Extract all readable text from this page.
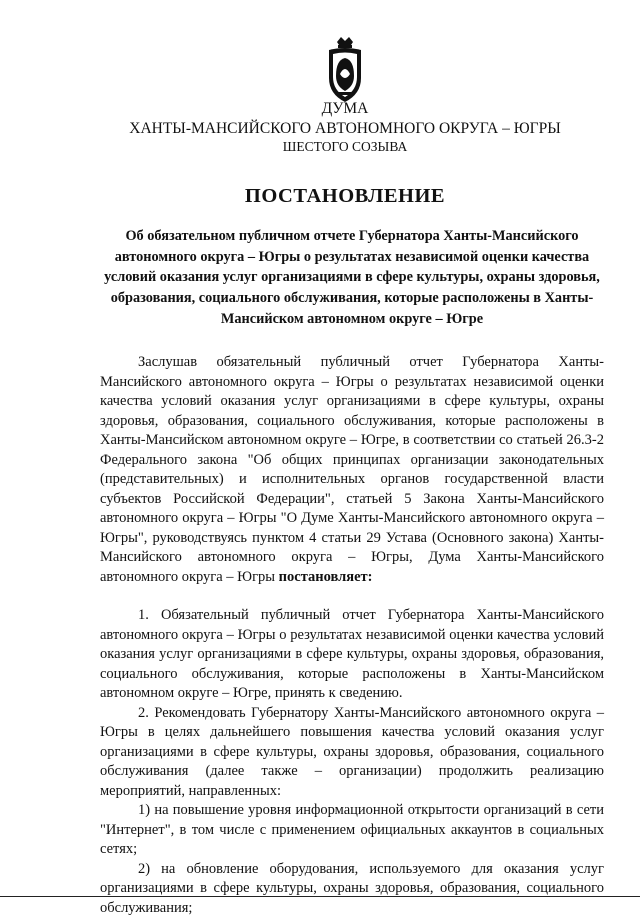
ДУМА
ХАНТЫ-МАНСИЙСКОГО АВТОНОМНОГО ОКРУГА – ЮГРЫ
ШЕСТОГО СОЗЫВА
ПОСТАНОВЛЕНИЕ
Об обязательном публичном отчете Губернатора Ханты-Мансийского автономного округа – Югры о результатах независимой оценки качества условий оказания услуг организациями в сфере культуры, охраны здоровья, образования, социального обслуживания, которые расположены в Ханты-Мансийском автономном округе – Югре

Заслушав обязательный публичный отчет Губернатора Ханты-Мансийского автономного округа – Югры о результатах независимой оценки качества условий оказания услуг организациями в сфере культуры, охраны здоровья, образования, социального обслуживания, которые расположены в Ханты-Мансийском автономном округе – Югре, в соответствии со статьей 26.3-2 Федерального закона "Об общих принципах организации законодательных (представительных) и исполнительных органов государственной власти субъектов Российской Федерации", статьей 5 Закона Ханты-Мансийского автономного округа – Югры "О Думе Ханты-Мансийского автономного округа – Югры", руководствуясь пунктом 4 статьи 29 Устава (Основного закона) Ханты-Мансийского автономного округа – Югры, Дума Ханты-Мансийского автономного округа – Югры постановляет:

1. Обязательный публичный отчет Губернатора Ханты-Мансийского автономного округа – Югры о результатах независимой оценки качества условий оказания услуг организациями в сфере культуры, охраны здоровья, образования, социального обслуживания, которые расположены в Ханты-Мансийском автономном округе – Югре, принять к сведению.

2. Рекомендовать Губернатору Ханты-Мансийского автономного округа – Югры в целях дальнейшего повышения качества условий оказания услуг организациями в сфере культуры, охраны здоровья, образования, социального обслуживания (далее также – организации) продолжить реализацию мероприятий, направленных:

1) на повышение уровня информационной открытости организаций в сети "Интернет", в том числе с применением официальных аккаунтов в социальных сетях;

2) на обновление оборудования, используемого для оказания услуг организациями в сфере культуры, охраны здоровья, образования, социального обслуживания;
